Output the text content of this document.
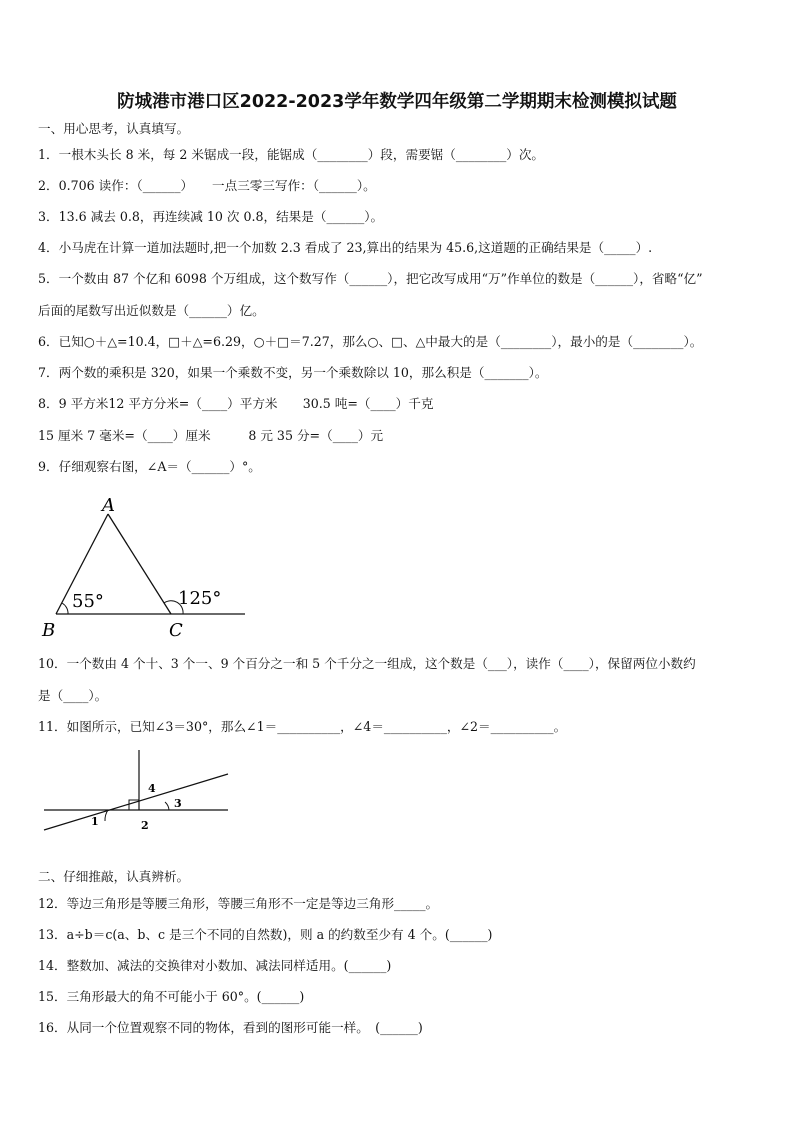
防城港市港口区2022-2023学年数学四年级第二学期期末检测模拟试题
一、用心思考，认真填写。
1．一根木头长 8 米，每 2 米锯成一段，能锯成（________）段，需要锯（________）次。
2．0.706 读作：（______）　　一点三零三写作：（______）。
3．13.6 减去 0.8，再连续减 10 次 0.8，结果是（______）。
4．小马虎在计算一道加法题时,把一个加数 2.3 看成了 23,算出的结果为 45.6,这道题的正确结果是（_____）.
5．一个数由 87 个亿和 6098 个万组成，这个数写作（______），把它改写成用“万”作单位的数是（______），省略“亿”
后面的尾数写出近似数是（______）亿。
6．已知○＋△=10.4，□＋△=6.29，○＋□＝7.27，那么○、□、△中最大的是（________），最小的是（________）。
7．两个数的乘积是 320，如果一个乘数不变，另一个乘数除以 10，那么积是（_______）。
8．9 平方米12 平方分米=（____）平方米　　30.5 吨=（____）千克
15 厘米 7 毫米=（____）厘米　　　8 元 35 分=（____）元
9．仔细观察右图，∠A＝（______）°。
A
B	C
55°	125°
10．一个数由 4 个十、3 个一、9 个百分之一和 5 个千分之一组成，这个数是（___），读作（____），保留两位小数约
是（____）。
11．如图所示，已知∠3＝30°，那么∠1＝__________，∠4＝__________，∠2＝__________。
1	2
3
4
二、仔细推敲，认真辨析。
12．等边三角形是等腰三角形，等腰三角形不一定是等边三角形_____。
13．a÷b＝c(a、b、c 是三个不同的自然数)，则 a 的约数至少有 4 个。(______)
14．整数加、减法的交换律对小数加、减法同样适用。(______)
15．三角形最大的角不可能小于 60°。(______)
16．从同一个位置观察不同的物体，看到的图形可能一样。　(______)
